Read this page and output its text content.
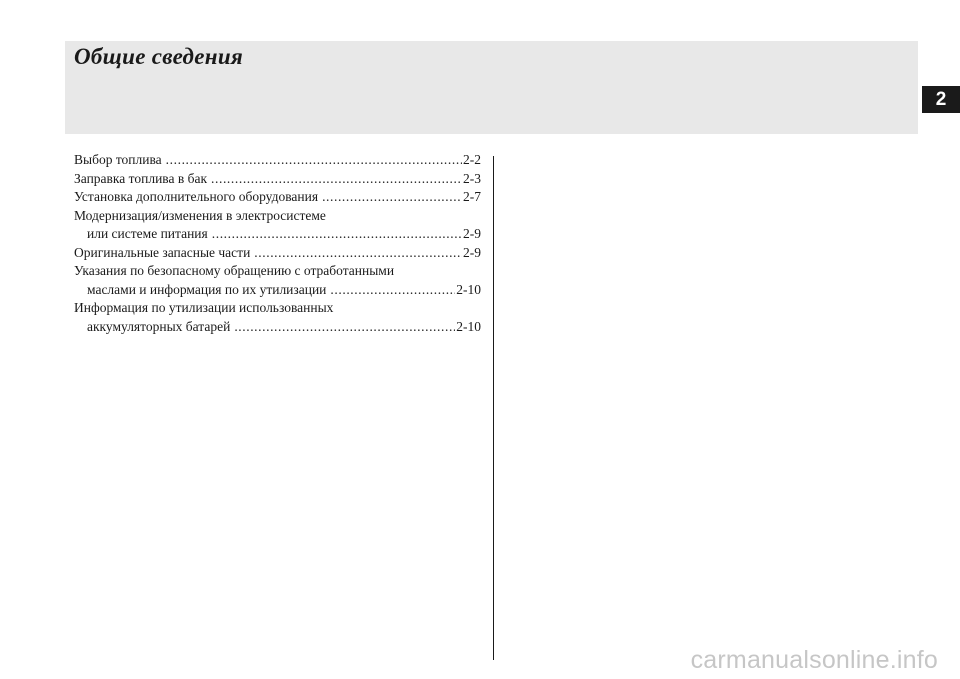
Общие сведения
2
Выбор топлива .....	2-2
Заправка топлива в бак .....	2-3
Установка дополнительного оборудования .....	2-7
Модернизация/изменения в электросистеме
или системе питания .....	2-9
Оригинальные запасные части .....	2-9
Указания по безопасному обращению с отработанными
маслами и информация по их утилизации .....	2-10
Информация по утилизации использованных
аккумуляторных батарей .....	2-10
carmanualsonline.info
